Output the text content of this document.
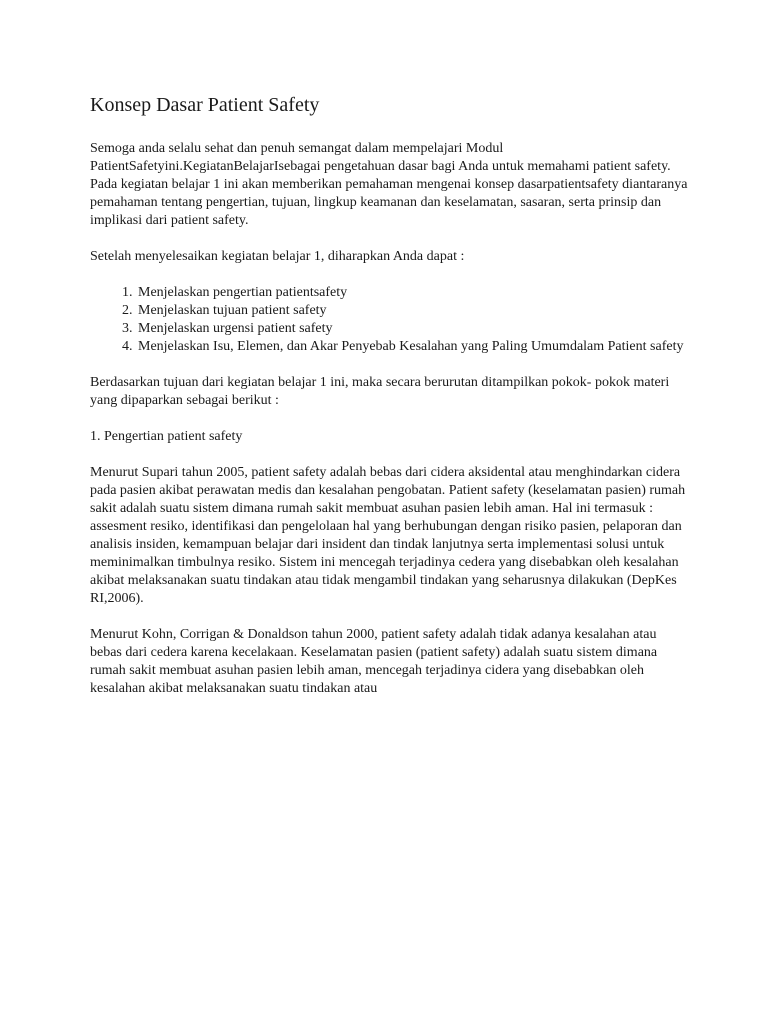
Konsep Dasar Patient Safety

Semoga anda selalu sehat dan penuh semangat dalam mempelajari Modul PatientSafetyini.KegiatanBelajarIsebagai pengetahuan dasar bagi Anda untuk memahami patient safety. Pada kegiatan belajar 1 ini akan memberikan pemahaman mengenai konsep dasarpatientsafety diantaranya pemahaman tentang pengertian, tujuan, lingkup keamanan dan keselamatan, sasaran, serta prinsip dan implikasi dari patient safety.

Setelah menyelesaikan kegiatan belajar 1, diharapkan Anda dapat :

1. Menjelaskan pengertian patientsafety
2. Menjelaskan tujuan patient safety
3. Menjelaskan urgensi patient safety
4. Menjelaskan Isu, Elemen, dan Akar Penyebab Kesalahan yang Paling Umumdalam Patient safety

Berdasarkan tujuan dari kegiatan belajar 1 ini, maka secara berurutan ditampilkan pokok- pokok materi yang dipaparkan sebagai berikut :

1. Pengertian patient safety

Menurut Supari tahun 2005, patient safety adalah bebas dari cidera aksidental atau menghindarkan cidera pada pasien akibat perawatan medis dan kesalahan pengobatan. Patient safety (keselamatan pasien) rumah sakit adalah suatu sistem dimana rumah sakit membuat asuhan pasien lebih aman. Hal ini termasuk : assesment resiko, identifikasi dan pengelolaan hal yang berhubungan dengan risiko pasien, pelaporan dan analisis insiden, kemampuan belajar dari insident dan tindak lanjutnya serta implementasi solusi untuk meminimalkan timbulnya resiko. Sistem ini mencegah terjadinya cedera yang disebabkan oleh kesalahan akibat melaksanakan suatu tindakan atau tidak mengambil tindakan yang seharusnya dilakukan (DepKes RI,2006).

Menurut Kohn, Corrigan & Donaldson tahun 2000, patient safety adalah tidak adanya kesalahan atau bebas dari cedera karena kecelakaan. Keselamatan pasien (patient safety) adalah suatu sistem dimana rumah sakit membuat asuhan pasien lebih aman, mencegah terjadinya cidera yang disebabkan oleh kesalahan akibat melaksanakan suatu tindakan atau
